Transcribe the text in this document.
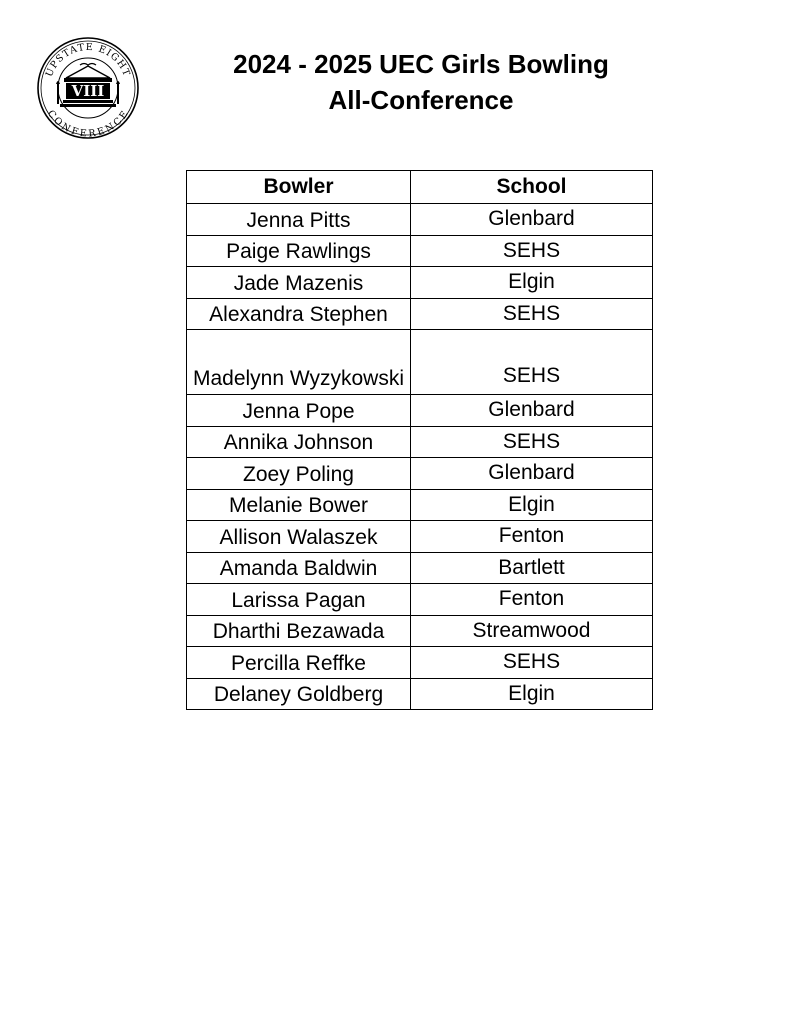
UPSTATE EIGHT
CONFERENCE
VIII
2024 - 2025 UEC Girls Bowling
All-Conference
Bowler	School
Jenna Pitts	Glenbard
Paige Rawlings	SEHS
Jade Mazenis	Elgin
Alexandra Stephen	SEHS
Madelynn Wyzykowski	SEHS
Jenna Pope	Glenbard
Annika Johnson	SEHS
Zoey Poling	Glenbard
Melanie Bower	Elgin
Allison Walaszek	Fenton
Amanda Baldwin	Bartlett
Larissa Pagan	Fenton
Dharthi Bezawada	Streamwood
Percilla Reffke	SEHS
Delaney Goldberg	Elgin
